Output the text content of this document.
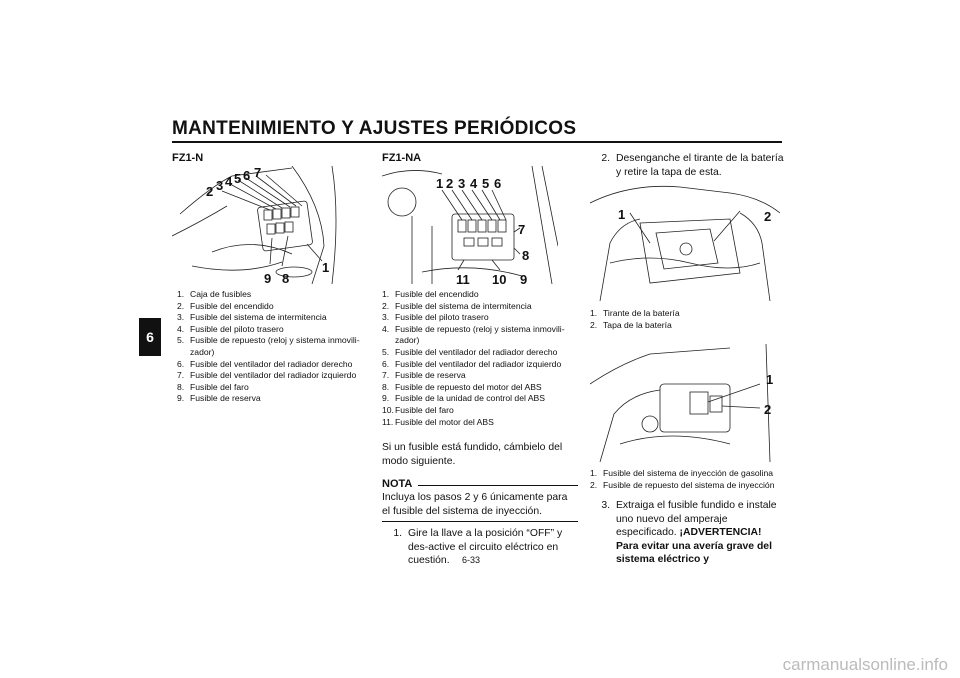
MANTENIMIENTO Y AJUSTES PERIÓDICOS
6
FZ1-N
2 3 4 5 6 7
9 8
1
1. Caja de fusibles
2. Fusible del encendido
3. Fusible del sistema de intermitencia
4. Fusible del piloto trasero
5. Fusible de repuesto (reloj y sistema inmovili-zador)
6. Fusible del ventilador del radiador derecho
7. Fusible del ventilador del radiador izquierdo
8. Fusible del faro
9. Fusible de reserva
FZ1-NA
1 2 3 4 5 6
7
8
11 10 9
1. Fusible del encendido
2. Fusible del sistema de intermitencia
3. Fusible del piloto trasero
4. Fusible de repuesto (reloj y sistema inmovili-zador)
5. Fusible del ventilador del radiador derecho
6. Fusible del ventilador del radiador izquierdo
7. Fusible de reserva
8. Fusible de repuesto del motor del ABS
9. Fusible de la unidad de control del ABS
10. Fusible del faro
11. Fusible del motor del ABS
Si un fusible está fundido, cámbielo del modo siguiente.
NOTA
Incluya los pasos 2 y 6 únicamente para el fusible del sistema de inyección.
1. Gire la llave a la posición “OFF” y des-active el circuito eléctrico en cuestión.
2. Desenganche el tirante de la batería y retire la tapa de esta.
1	2
1. Tirante de la batería
2. Tapa de la batería
1
2
1. Fusible del sistema de inyección de gasolina
2. Fusible de repuesto del sistema de inyección
3. Extraiga el fusible fundido e instale uno nuevo del amperaje especificado. ¡ADVERTENCIA! Para evitar una avería grave del sistema eléctrico y
6-33
carmanualsonline.info
